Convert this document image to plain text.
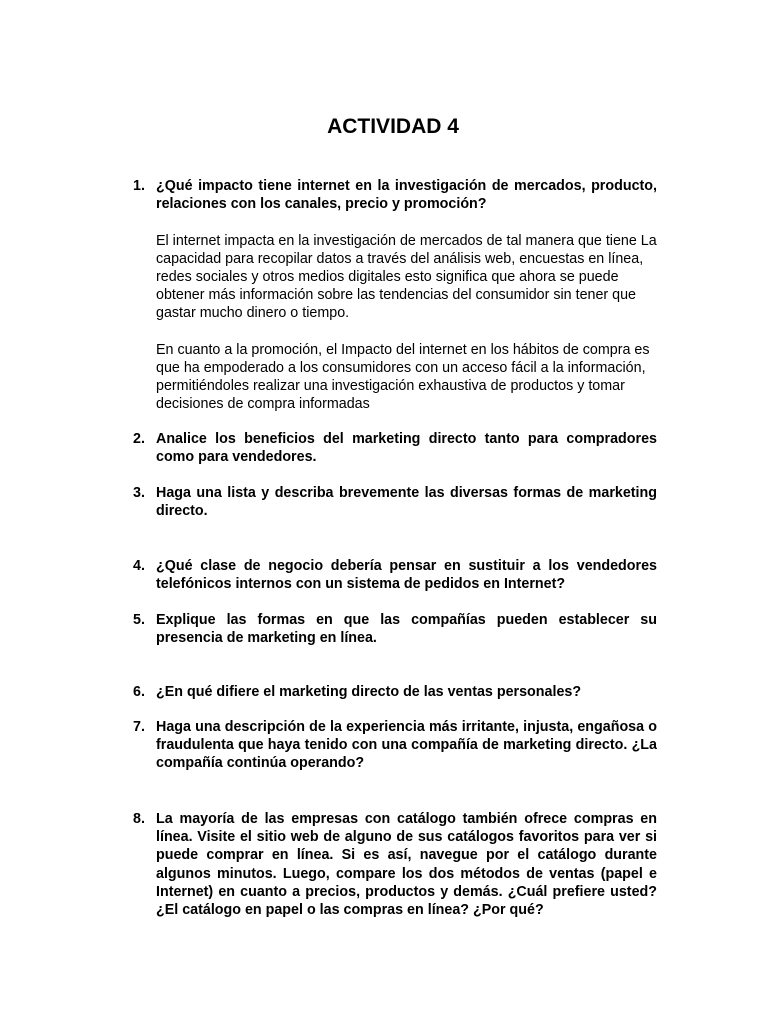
ACTIVIDAD 4
1. ¿Qué impacto tiene internet en la investigación de mercados, producto, relaciones con los canales, precio y promoción?
El internet impacta en la investigación de mercados de tal manera que tiene La capacidad para recopilar datos a través del análisis web, encuestas en línea, redes sociales y otros medios digitales esto significa que ahora se puede obtener más información sobre las tendencias del consumidor sin tener que gastar mucho dinero o tiempo.
En cuanto a la promoción, el Impacto del internet en los hábitos de compra es que ha empoderado a los consumidores con un acceso fácil a la información, permitiéndoles realizar una investigación exhaustiva de productos y tomar decisiones de compra informadas
2. Analice los beneficios del marketing directo tanto para compradores como para vendedores.
3. Haga una lista y describa brevemente las diversas formas de marketing directo.
4. ¿Qué clase de negocio debería pensar en sustituir a los vendedores telefónicos internos con un sistema de pedidos en Internet?
5. Explique las formas en que las compañías pueden establecer su presencia de marketing en línea.
6. ¿En qué difiere el marketing directo de las ventas personales?
7. Haga una descripción de la experiencia más irritante, injusta, engañosa o fraudulenta que haya tenido con una compañía de marketing directo. ¿La compañía continúa operando?
8. La mayoría de las empresas con catálogo también ofrece compras en línea. Visite el sitio web de alguno de sus catálogos favoritos para ver si puede comprar en línea. Si es así, navegue por el catálogo durante algunos minutos. Luego, compare los dos métodos de ventas (papel e Internet) en cuanto a precios, productos y demás. ¿Cuál prefiere usted? ¿El catálogo en papel o las compras en línea? ¿Por qué?
